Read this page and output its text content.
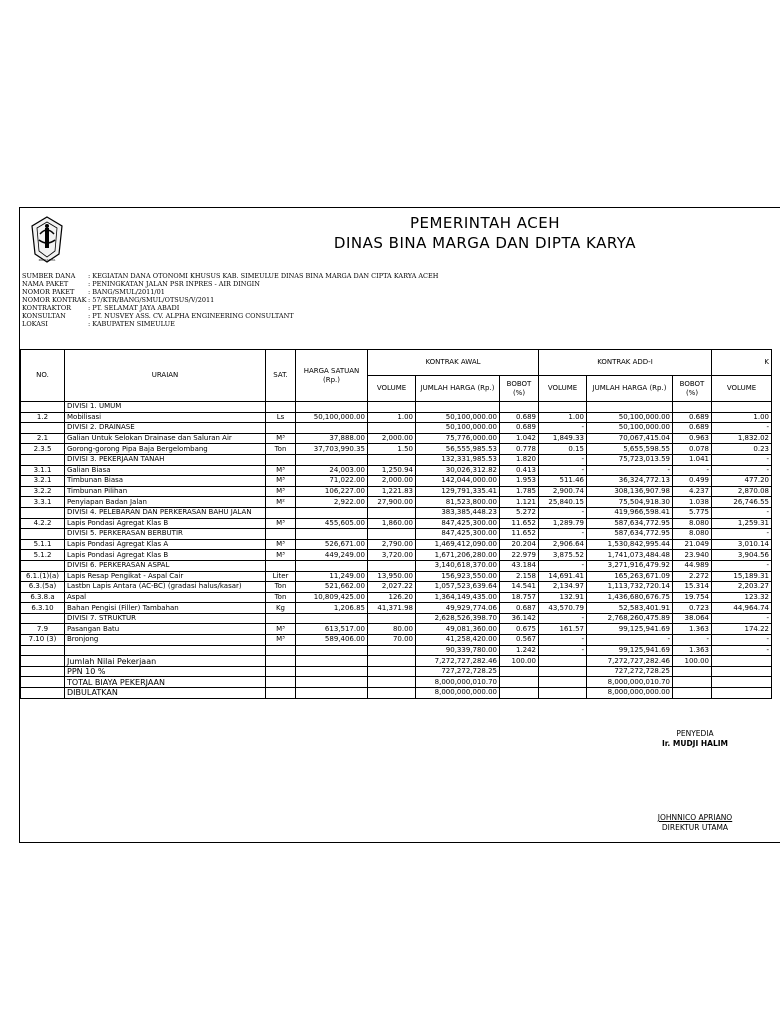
PANCACITA
PEMERINTAH ACEH
DINAS BINA MARGA DAN DIPTA KARYA
SUMBER DANA : KEGIATAN DANA OTONOMI KHUSUS KAB. SIMEULUE DINAS BINA MARGA DAN CIPTA KARYA ACEH
NAMA PAKET	: PENINGKATAN JALAN PSR INPRES - AIR DINGIN
NOMOR PAKET : BANG/SMUL/2011/01
NOMOR KONTRAK : 57/KTR/BANG/SMUL/OTSUS/V/2011
KONTRAKTOR	: PT. SELAMAT JAYA ABADI
KONSULTAN	: PT. NUSVEY ASS. CV. ALPHA ENGINEERING CONSULTANT
LOKASI	: KABUPATEN SIMEULUE
NO.	URAIAN	SAT.	HARGA SATUAN (Rp.)	KONTRAK AWAL			KONTRAK ADD-I			K
				VOLUME	JUMLAH HARGA (Rp.)	BOBOT (%)	VOLUME	JUMLAH HARGA (Rp.)	BOBOT (%)	VOLUME
	DIVISI 1. UMUM									
1.2	Mobilisasi	Ls	50,100,000.00	1.00	50,100,000.00	0.689	1.00	50,100,000.00	0.689	1.00
	DIVISI 2. DRAINASE				50,100,000.00	0.689	-	50,100,000.00	0.689	-
2.1	Galian Untuk Selokan Drainase dan Saluran Air	M³	37,888.00	2,000.00	75,776,000.00	1.042	1,849.33	70,067,415.04	0.963	1,832.02
2.3.5	Gorong-gorong Pipa Baja Bergelombang	Ton	37,703,990.35	1.50	56,555,985.53	0.778	0.15	5,655,598.55	0.078	0.23
	DIVISI 3. PEKERJAAN TANAH				132,331,985.53	1.820	-	75,723,013.59	1.041	-
3.1.1	Galian Biasa	M³	24,003.00	1,250.94	30,026,312.82	0.413	-	-	-	-
3.2.1	Timbunan Biasa	M³	71,022.00	2,000.00	142,044,000.00	1.953	511.46	36,324,772.13	0.499	477.20
3.2.2	Timbunan Pilihan	M³	106,227.00	1,221.83	129,791,335.41	1.785	2,900.74	308,136,907.98	4.237	2,870.08
3.3.1	Penyiapan Badan Jalan	M²	2,922.00	27,900.00	81,523,800.00	1.121	25,840.15	75,504,918.30	1.038	26,746.55
	DIVISI 4. PELEBARAN DAN PERKERASAN BAHU JALAN				383,385,448.23	5.272	-	419,966,598.41	5.775	-
4.2.2	Lapis Pondasi Agregat Klas B	M³	455,605.00	1,860.00	847,425,300.00	11.652	1,289.79	587,634,772.95	8.080	1,259.31
	DIVISI 5. PERKERASAN BERBUTIR				847,425,300.00	11.652	-	587,634,772.95	8.080	-
5.1.1	Lapis Pondasi Agregat Klas A	M³	526,671.00	2,790.00	1,469,412,090.00	20.204	2,906.64	1,530,842,995.44	21.049	3,010.14
5.1.2	Lapis Pondasi Agregat Klas B	M³	449,249.00	3,720.00	1,671,206,280.00	22.979	3,875.52	1,741,073,484.48	23.940	3,904.56
	DIVISI 6. PERKERASAN ASPAL				3,140,618,370.00	43.184	-	3,271,916,479.92	44.989	-
6.1.(1)(a)	Lapis Resap Pengikat - Aspal Cair	Liter	11,249.00	13,950.00	156,923,550.00	2.158	14,691.41	165,263,671.09	2.272	15,189.31
6.3.(5a)	Lastbn Lapis Antara (AC-BC) (gradasi halus/kasar)	Ton	521,662.00	2,027.22	1,057,523,639.64	14.541	2,134.97	1,113,732,720.14	15.314	2,203.27
6.3.8.a	Aspal	Ton	10,809,425.00	126.20	1,364,149,435.00	18.757	132.91	1,436,680,676.75	19.754	123.32
6.3.10	Bahan Pengisi (Filler) Tambahan	Kg	1,206.85	41,371.98	49,929,774.06	0.687	43,570.79	52,583,401.91	0.723	44,964.74
	DIVISI 7. STRUKTUR				2,628,526,398.70	36.142	-	2,768,260,475.89	38.064	-
7.9	Pasangan Batu	M³	613,517.00	80.00	49,081,360.00	0.675	161.57	99,125,941.69	1.363	174.22
7.10 (3)	Bronjong	M³	589,406.00	70.00	41,258,420.00	0.567	-	-	-	-
					90,339,780.00	1.242	-	99,125,941.69	1.363	-
	Jumlah Nilai Pekerjaan				7,272,727,282.46	100.00		7,272,727,282.46	100.00	
	PPN 10 %				727,272,728.25			727,272,728.25		
	TOTAL BIAYA PEKERJAAN				8,000,000,010.70			8,000,000,010.70		
	DIBULATKAN				8,000,000,000.00			8,000,000,000.00		
PENYEDIA
Ir. MUDJI HALIM
JOHNNICO APRIANO
DIREKTUR UTAMA
